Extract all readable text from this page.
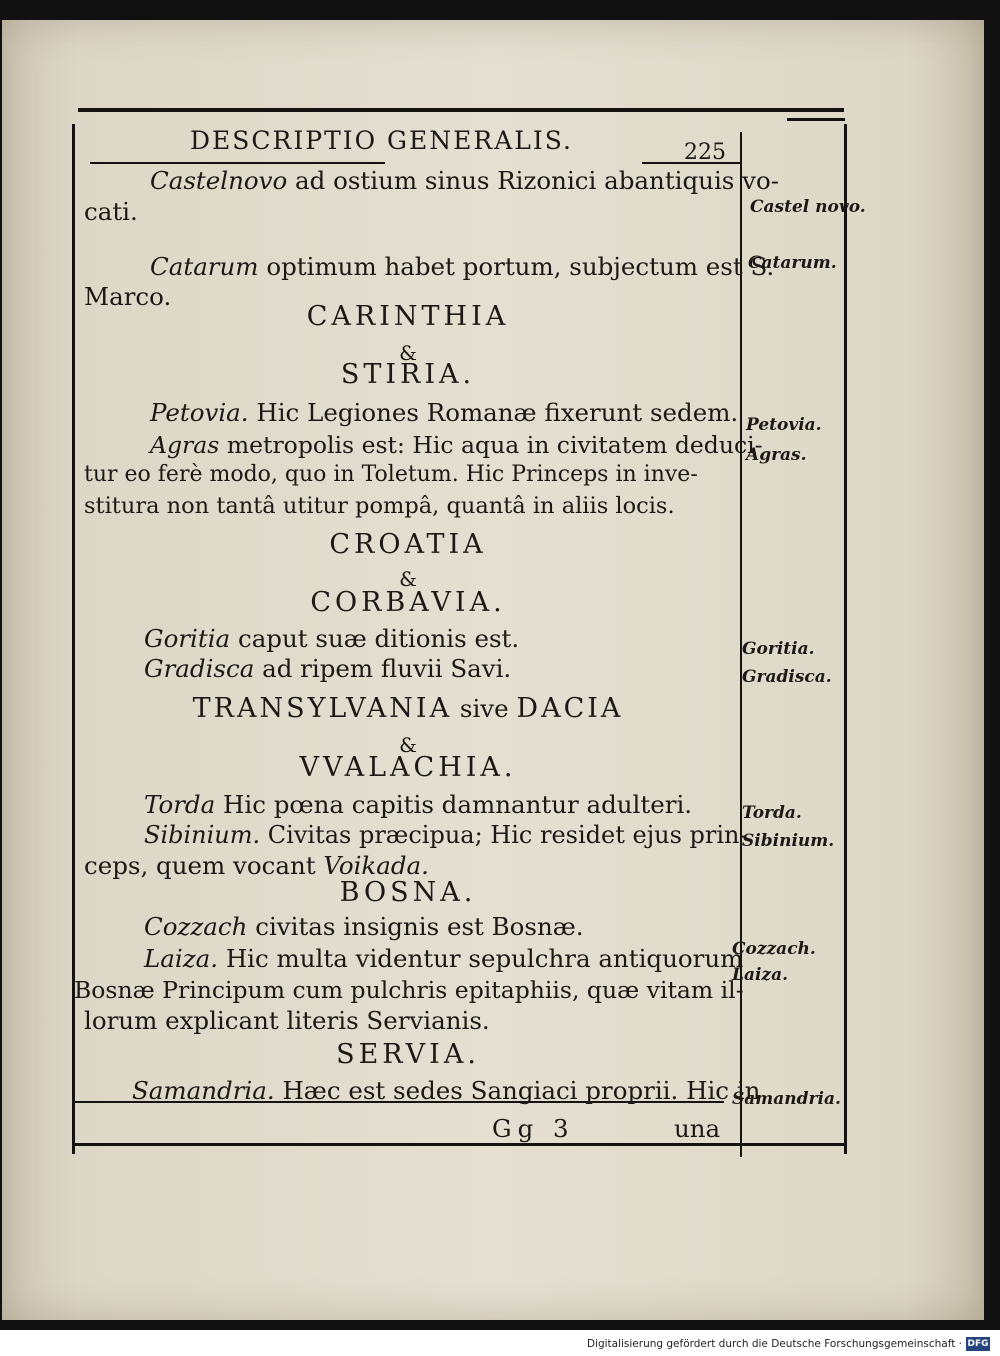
DESCRIPTIO GENERALIS.	225
Castelnovo ad ostium sinus Rizonici abantiquis vo-
cati.
Catarum optimum habet portum, subjectum est S.
Marco.
CARINTHIA
&
STIRIA.
Petovia. Hic Legiones Romanæ fixerunt sedem.
Agras metropolis est: Hic aqua in civitatem deduci-
tur eo ferè modo, quo in Toletum. Hic Princeps in inve-
stitura non tantâ utitur pompâ, quantâ in aliis locis.
CROATIA
&
CORBAVIA.
Goritia caput suæ ditionis est.
Gradisca ad ripem fluvii Savi.
TRANSYLVANIA sive DACIA
&
VVALACHIA.
Torda Hic pœna capitis damnantur adulteri.
Sibinium. Civitas præcipua; Hic residet ejus prin-
ceps, quem vocant Voikada.
BOSNA.
Cozzach civitas insignis est Bosnæ.
Laiza. Hic multa videntur sepulchra antiquorum
Bosnæ Principum cum pulchris epitaphiis, quæ vitam il-
lorum explicant literis Servianis.
SERVIA.
Samandria. Hæc est sedes Sangiaci proprii. Hic in
Gg 3	una
Castel novo.
Catarum.
Petovia.
Agras.
Goritia.
Gradisca.
Torda.
Sibinium.
Cozzach.
Laiza.
Samandria.
Digitalisierung gefördert durch die Deutsche Forschungsgemeinschaft · DFG
